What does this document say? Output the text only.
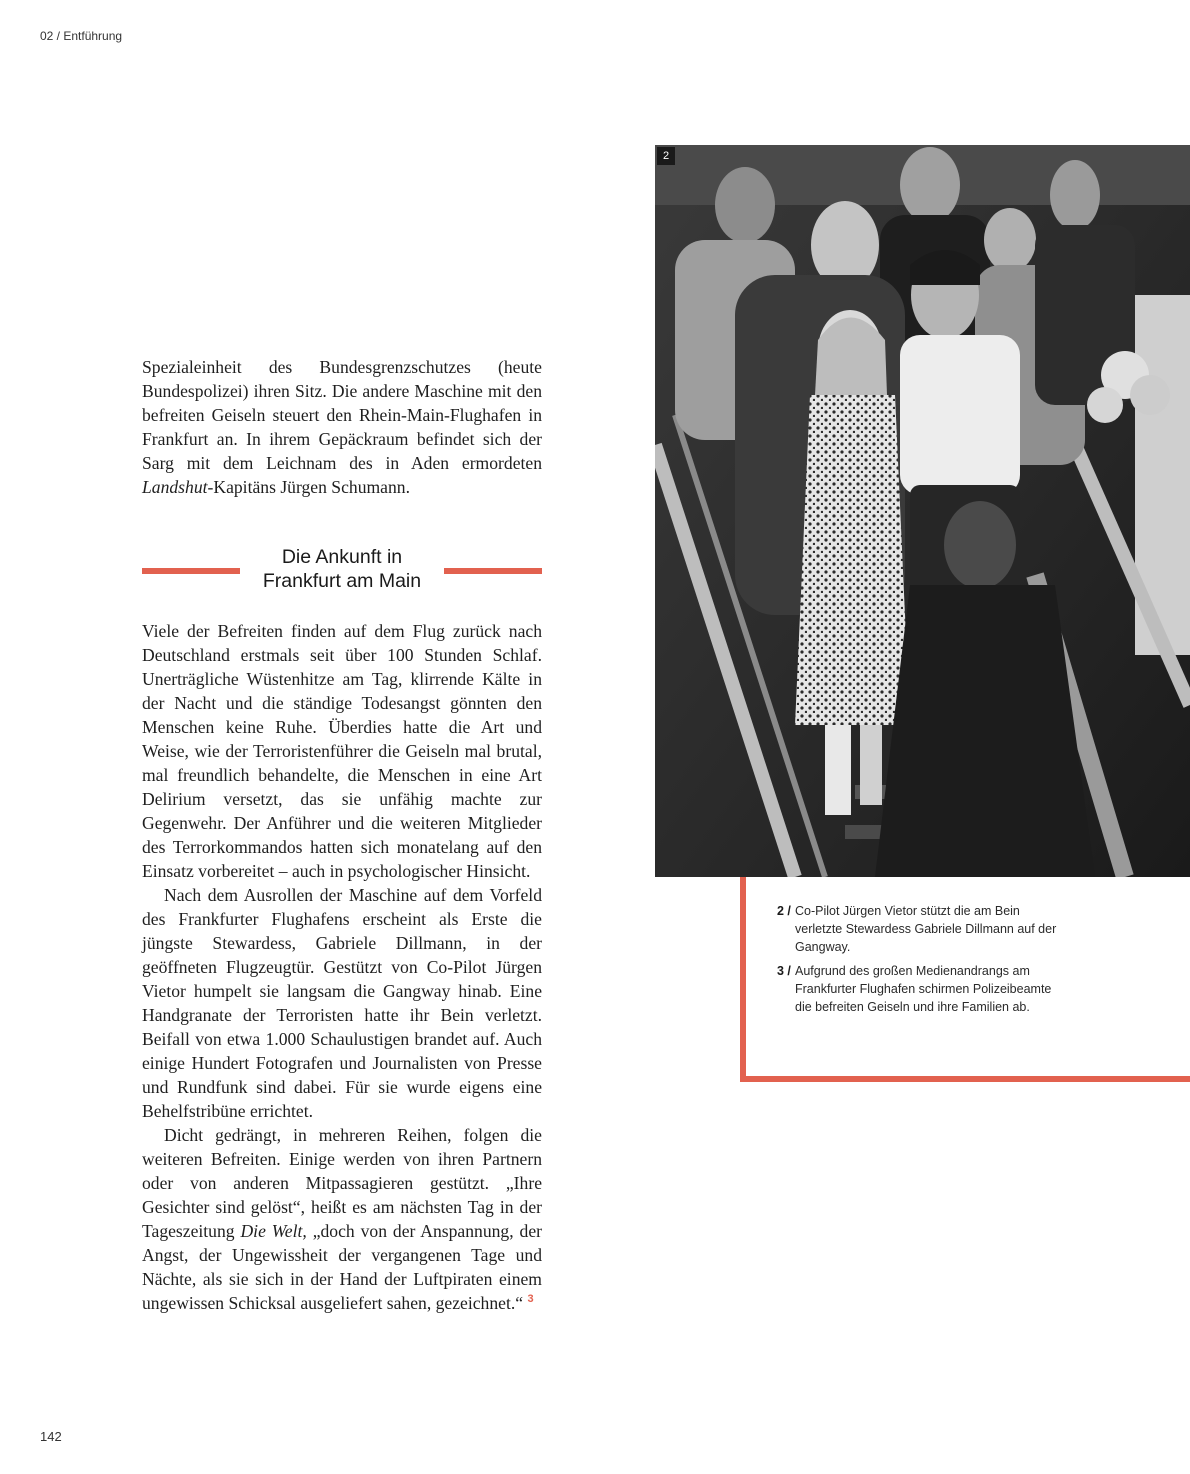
02 / Entführung

Spezialeinheit des Bundesgrenzschutzes (heute Bundespolizei) ihren Sitz. Die andere Maschine mit den befreiten Geiseln steuert den Rhein-Main-Flughafen in Frankfurt an. In ihrem Gepäckraum befindet sich der Sarg mit dem Leichnam des in Aden ermordeten Landshut-Kapitäns Jürgen Schumann.

Die Ankunft in
Frankfurt am Main

Viele der Befreiten finden auf dem Flug zurück nach Deutschland erstmals seit über 100 Stunden Schlaf. Unerträgliche Wüstenhitze am Tag, klirrende Kälte in der Nacht und die ständige Todesangst gönnten den Menschen keine Ruhe. Überdies hatte die Art und Weise, wie der Terroristenführer die Geiseln mal brutal, mal freundlich behandelte, die Menschen in eine Art Delirium versetzt, das sie unfähig machte zur Gegenwehr. Der Anführer und die weiteren Mitglieder des Terrorkommandos hatten sich monatelang auf den Einsatz vorbereitet – auch in psychologischer Hinsicht.

Nach dem Ausrollen der Maschine auf dem Vorfeld des Frankfurter Flughafens erscheint als Erste die jüngste Stewardess, Gabriele Dillmann, in der geöffneten Flugzeugtür. Gestützt von Co-Pilot Jürgen Vietor humpelt sie langsam die Gangway hinab. Eine Handgranate der Terroristen hatte ihr Bein verletzt. Beifall von etwa 1.000 Schaulustigen brandet auf. Auch einige Hundert Fotografen und Journalisten von Presse und Rundfunk sind dabei. Für sie wurde eigens eine Behelfstribüne errichtet.

Dicht gedrängt, in mehreren Reihen, folgen die weiteren Befreiten. Einige werden von ihren Partnern oder von anderen Mitpassagieren gestützt. „Ihre Gesichter sind gelöst“, heißt es am nächsten Tag in der Tageszeitung Die Welt, „doch von der Anspannung, der Angst, der Ungewissheit der vergangenen Tage und Nächte, als sie sich in der Hand der Luftpiraten einem ungewissen Schicksal ausgeliefert sahen, gezeichnet.“ $^3$

2
2 / Co-Pilot Jürgen Vietor stützt die am Bein verletzte Stewardess Gabriele Dillmann auf der Gangway.
3 / Aufgrund des großen Medienandrangs am Frankfurter Flughafen schirmen Polizeibeamte die befreiten Geiseln und ihre Familien ab.
142
